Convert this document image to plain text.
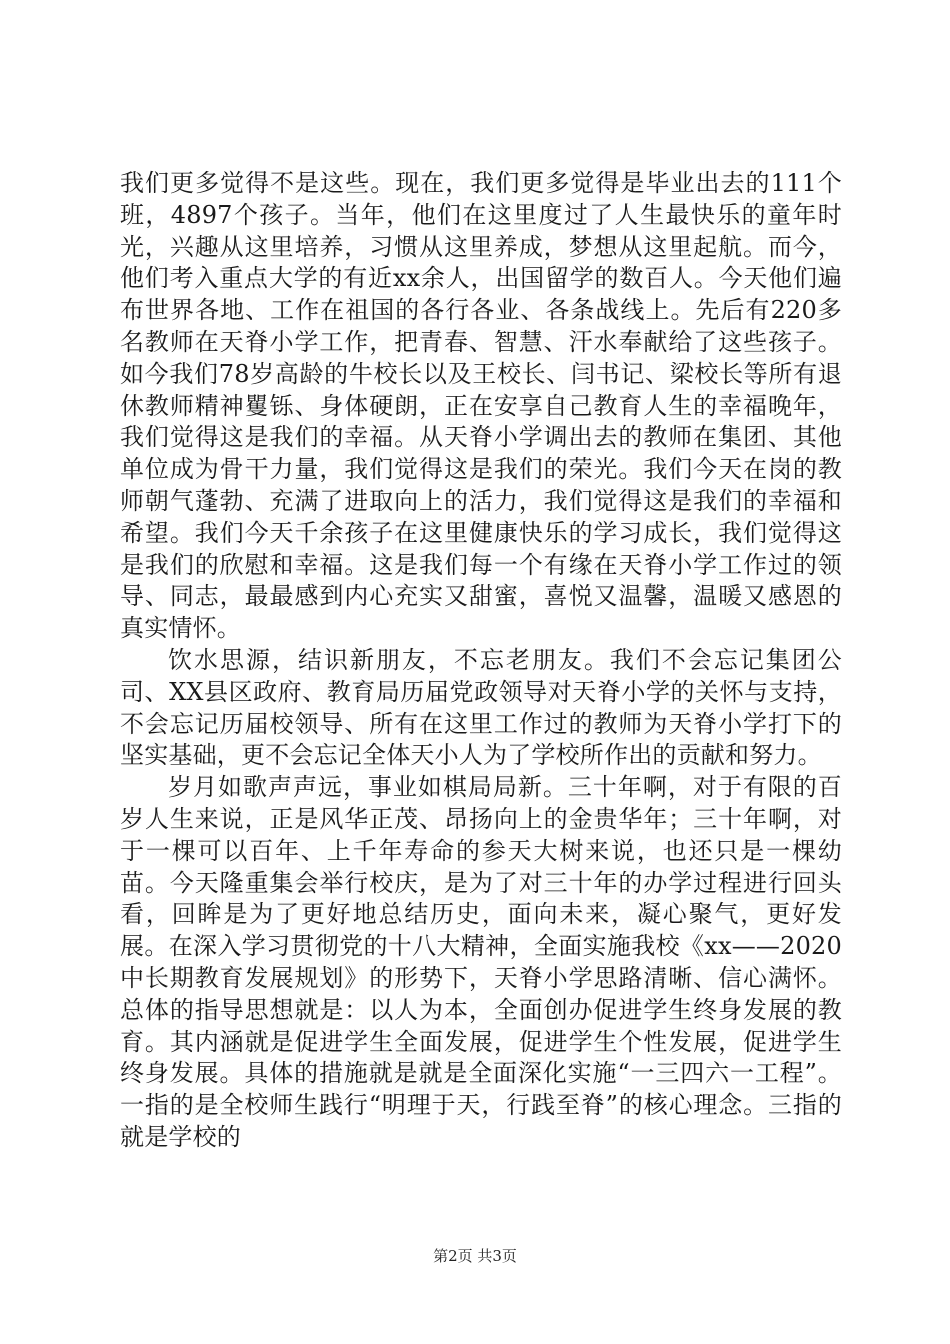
我们更多觉得不是这些。现在，我们更多觉得是毕业出去的111个班，4897个孩子。当年，他们在这里度过了人生最快乐的童年时光，兴趣从这里培养，习惯从这里养成，梦想从这里起航。而今，他们考入重点大学的有近xx余人，出国留学的数百人。今天他们遍布世界各地、工作在祖国的各行各业、各条战线上。先后有220多名教师在天脊小学工作，把青春、智慧、汗水奉献给了这些孩子。如今我们78岁高龄的牛校长以及王校长、闫书记、梁校长等所有退休教师精神矍铄、身体硬朗，正在安享自己教育人生的幸福晚年，我们觉得这是我们的幸福。从天脊小学调出去的教师在集团、其他单位成为骨干力量，我们觉得这是我们的荣光。我们今天在岗的教师朝气蓬勃、充满了进取向上的活力，我们觉得这是我们的幸福和希望。我们今天千余孩子在这里健康快乐的学习成长，我们觉得这是我们的欣慰和幸福。这是我们每一个有缘在天脊小学工作过的领导、同志，最最感到内心充实又甜蜜，喜悦又温馨，温暖又感恩的真实情怀。

饮水思源，结识新朋友，不忘老朋友。我们不会忘记集团公司、XX县区政府、教育局历届党政领导对天脊小学的关怀与支持，不会忘记历届校领导、所有在这里工作过的教师为天脊小学打下的坚实基础，更不会忘记全体天小人为了学校所作出的贡献和努力。

岁月如歌声声远，事业如棋局局新。三十年啊，对于有限的百岁人生来说，正是风华正茂、昂扬向上的金贵华年；三十年啊，对于一棵可以百年、上千年寿命的参天大树来说，也还只是一棵幼苗。今天隆重集会举行校庆，是为了对三十年的办学过程进行回头看，回眸是为了更好地总结历史，面向未来，凝心聚气，更好发展。在深入学习贯彻党的十八大精神，全面实施我校《xx——2020中长期教育发展规划》的形势下，天脊小学思路清晰、信心满怀。总体的指导思想就是：以人为本，全面创办促进学生终身发展的教育。其内涵就是促进学生全面发展，促进学生个性发展，促进学生终身发展。具体的措施就是就是全面深化实施“一三四六一工程”。一指的是全校师生践行“明理于天，行践至脊”的核心理念。三指的就是学校的

第2页 共3页
